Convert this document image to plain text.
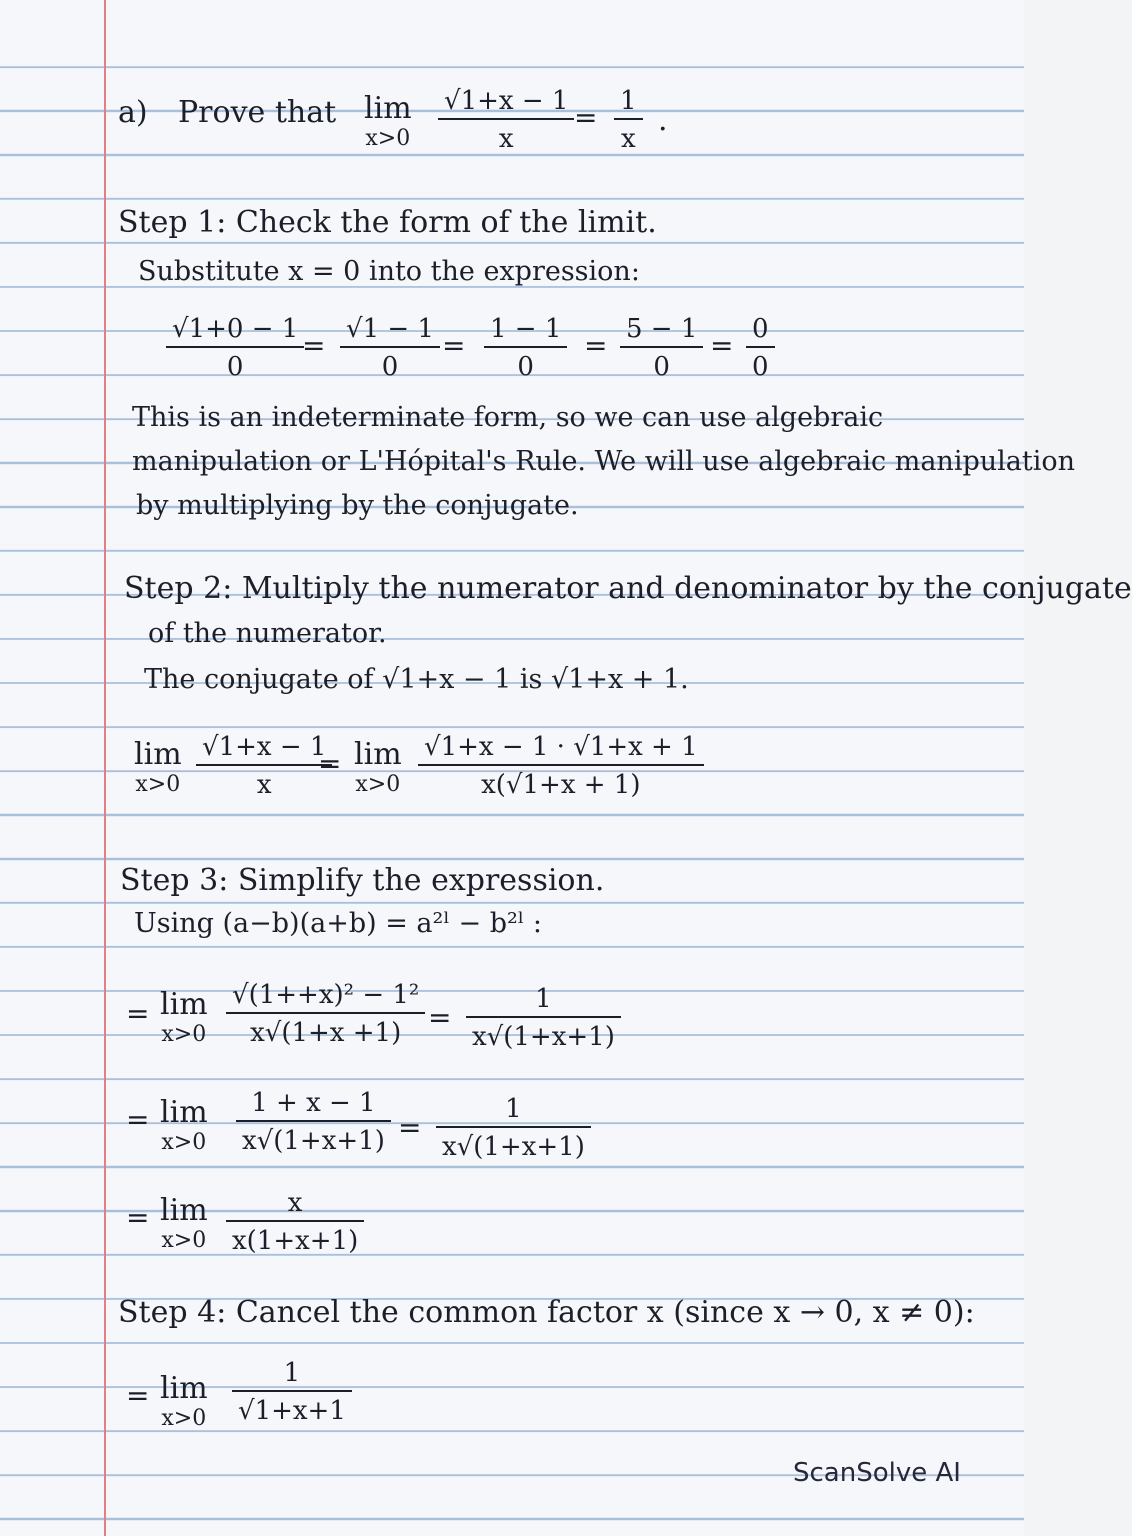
a) Prove that lim
x>0
√1+x − 1
x
= 1
x
.
Step 1: Check the form of the limit.
Substitute x = 0 into the expression:
√1+0 − 1
0
= √1 − 1
0
= 1 − 1
0
= 5 − 1
0
= 0
0
This is an indeterminate form, so we can use algebraic
manipulation or L'Hópital's Rule. We will use algebraic manipulation
by multiplying by the conjugate.
Step 2: Multiply the numerator and denominator by the conjugate
of the numerator.
The conjugate of √1+x − 1 is √1+x + 1.
lim
x>0
√1+x − 1
x
= lim
x>0
√1+x − 1 · √1+x + 1
x(√1+x + 1)
Step 3: Simplify the expression.
Using (a−b)(a+b) = a²ˡ − b²ˡ :
= lim
x>0
√(1++x)² − 1²
x√(1+x +1) =
1
x√(1+x+1)
= lim
x>0
1 + x − 1
x√(1+x+1) =
1
x√(1+x+1)
= lim
x>0
x
x(1+x+1)
Step 4: Cancel the common factor x (since x → 0, x ≠ 0):
= lim
x>0
1
√1+x+1
ScanSolve AI
